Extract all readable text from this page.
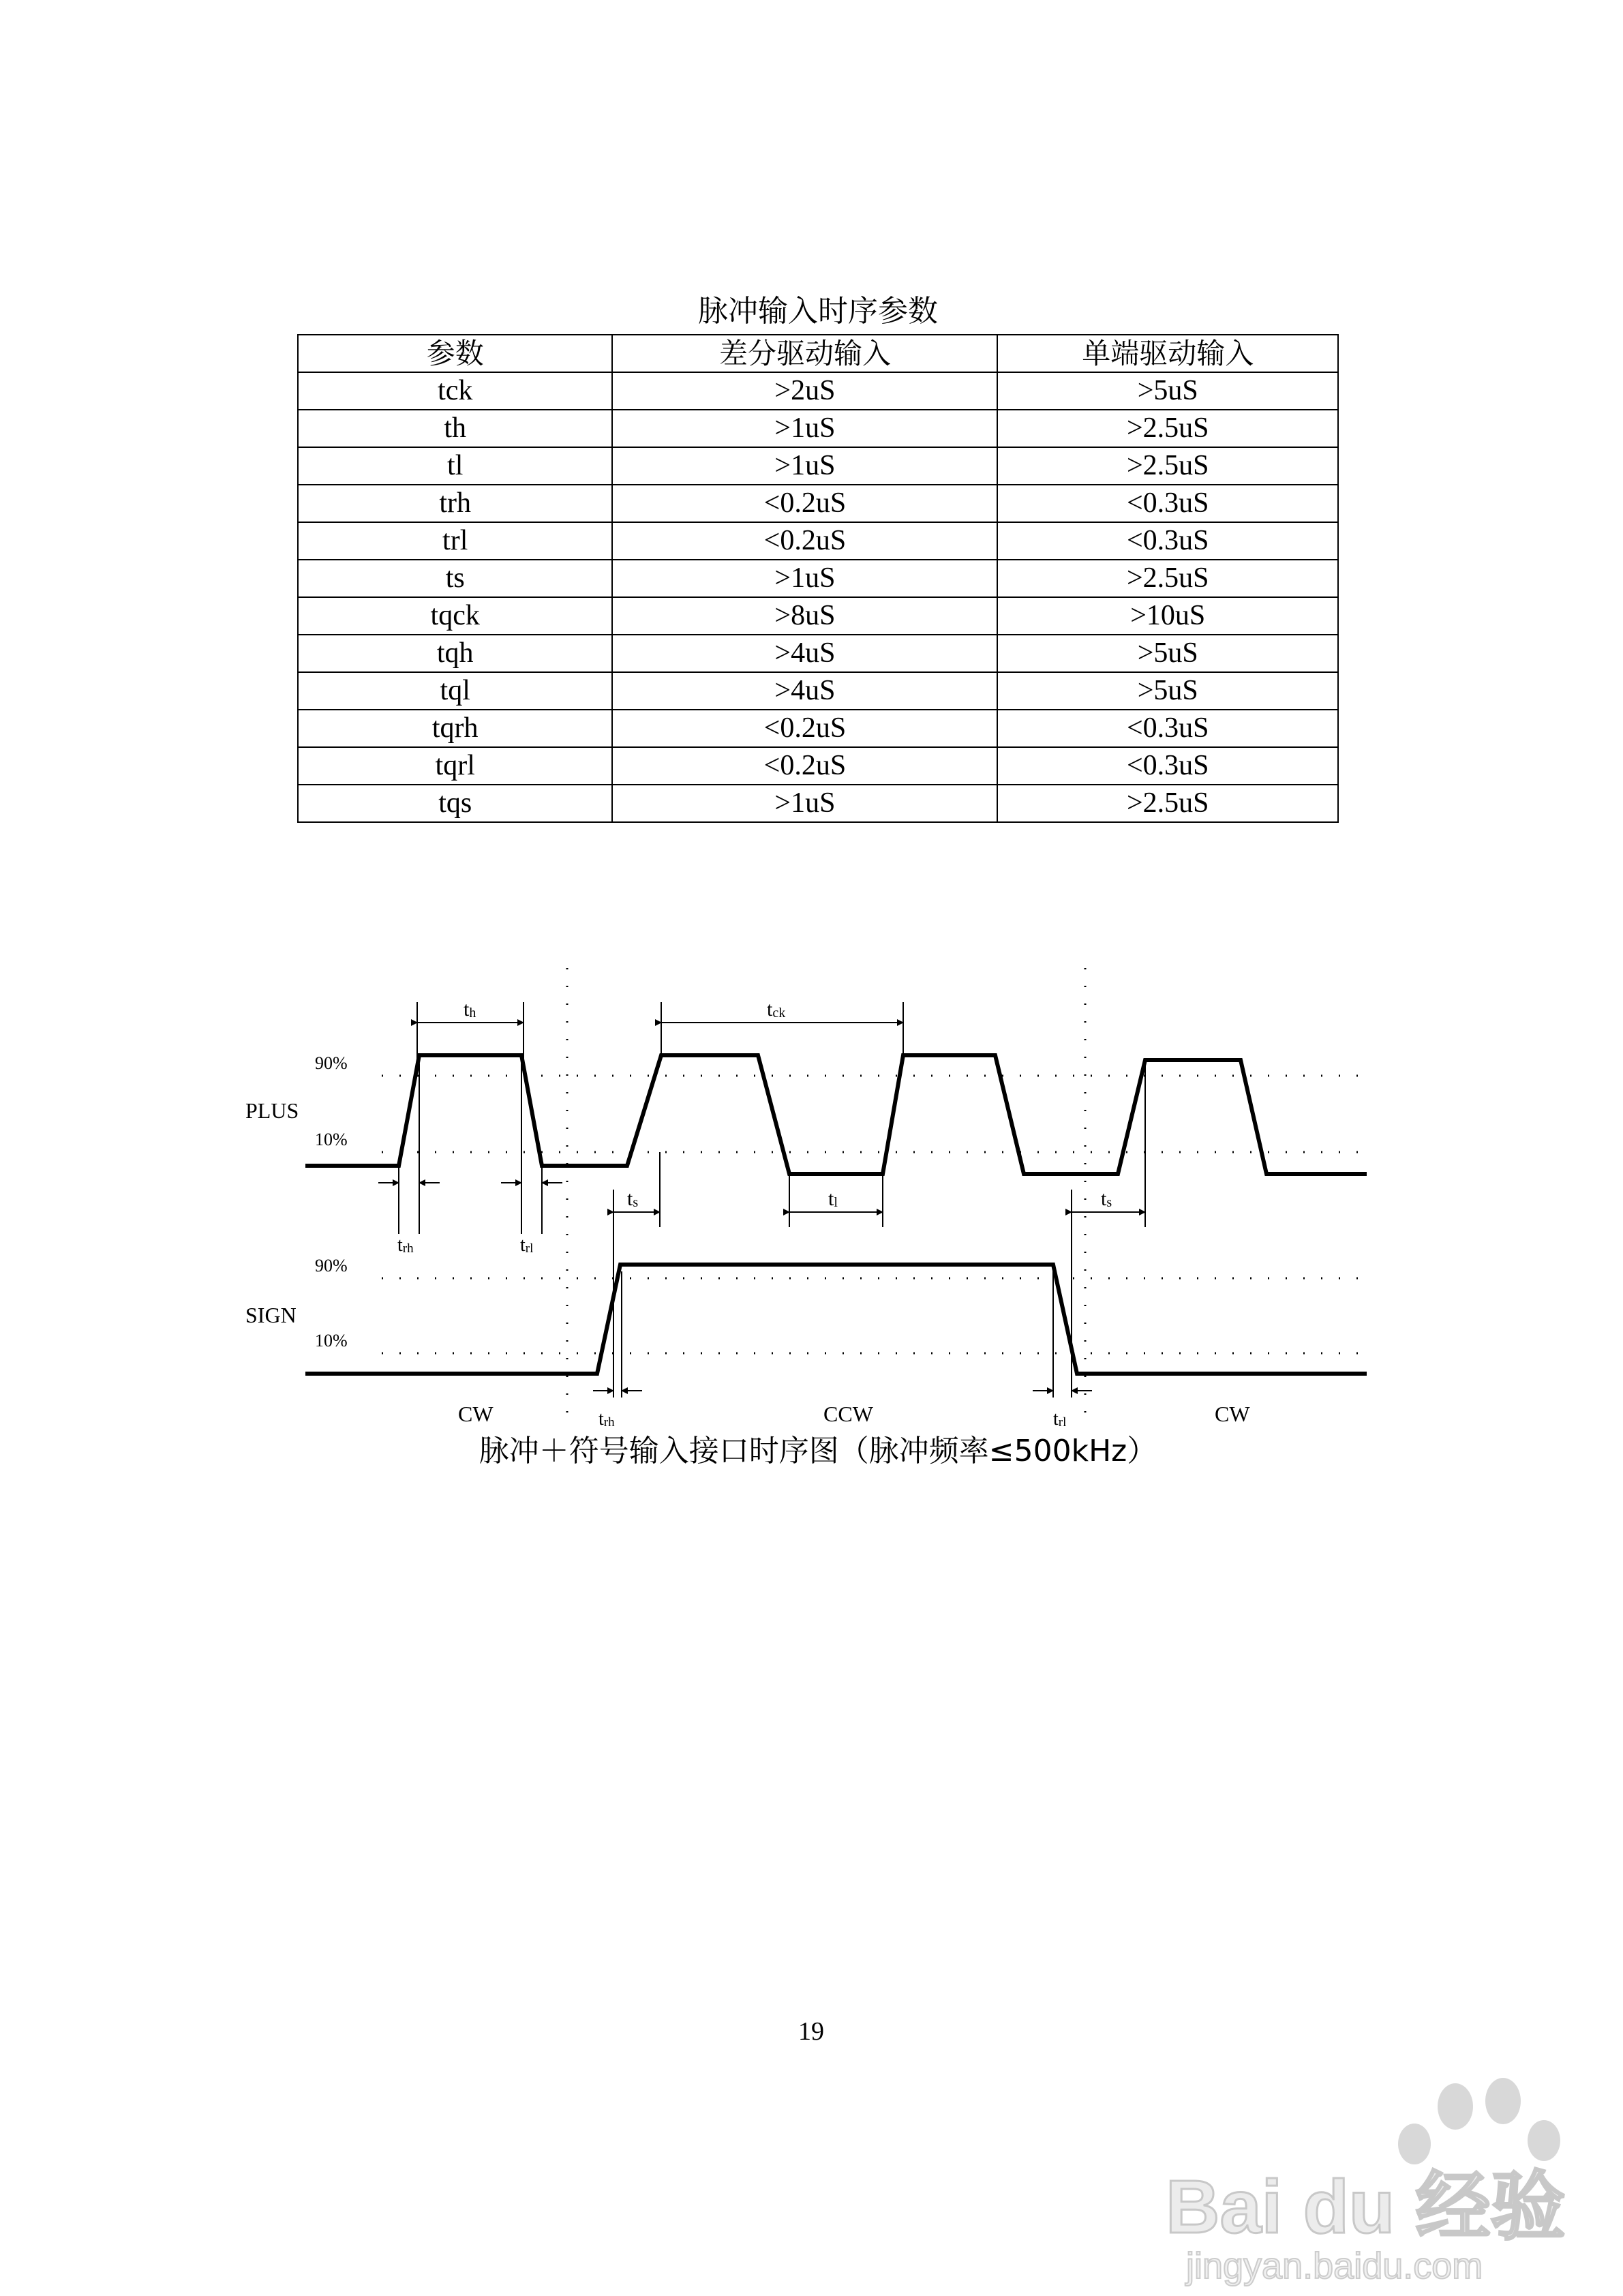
脉冲输入时序参数
参数	差分驱动输入	单端驱动输入
tck	>2uS	>5uS
th	>1uS	>2.5uS
tl	>1uS	>2.5uS
trh	<0.2uS	<0.3uS
trl	<0.2uS	<0.3uS
ts	>1uS	>2.5uS
tqck	>8uS	>10uS
tqh	>4uS	>5uS
tql	>4uS	>5uS
tqrh	<0.2uS	<0.3uS
tqrl	<0.2uS	<0.3uS
tqs	>1uS	>2.5uS
PLUS
SIGN
90%
10%
90%
10%
th	tck
tl
ts	ts
trh	trl
trh	trl
CW	CCW	CW
脉冲＋符号输入接口时序图（脉冲频率≤500kHz）
19
Bai du 经验
jingyan.baidu.com
